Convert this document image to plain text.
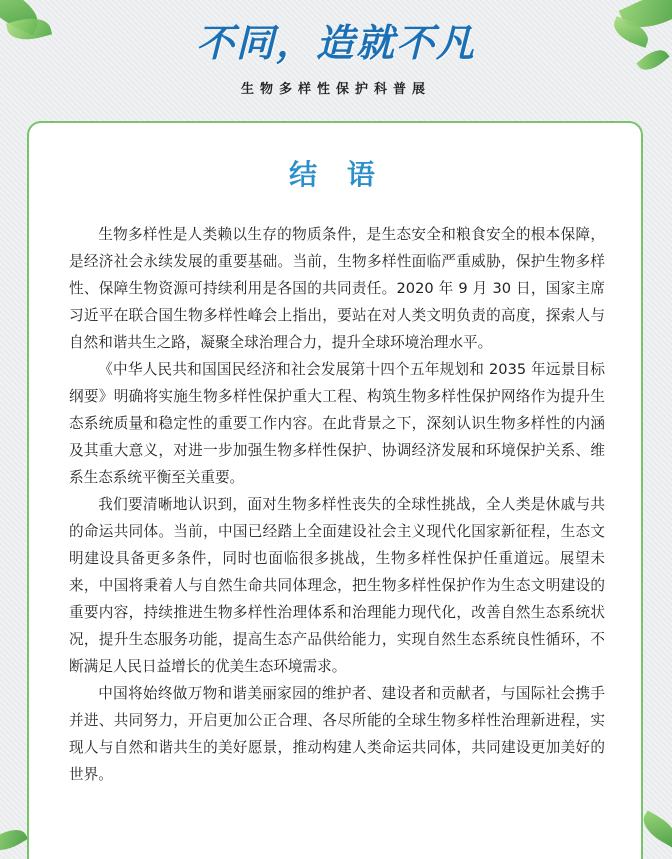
不同，造就不凡
生物多样性保护科普展
结 语

生物多样性是人类赖以生存的物质条件，是生态安全和粮食安全的根本保障，是经济社会永续发展的重要基础。当前，生物多样性面临严重威胁，保护生物多样性、保障生物资源可持续利用是各国的共同责任。2020 年 9 月 30 日，国家主席习近平在联合国生物多样性峰会上指出，要站在对人类文明负责的高度，探索人与自然和谐共生之路，凝聚全球治理合力，提升全球环境治理水平。

《中华人民共和国国民经济和社会发展第十四个五年规划和 2035 年远景目标纲要》明确将实施生物多样性保护重大工程、构筑生物多样性保护网络作为提升生态系统质量和稳定性的重要工作内容。在此背景之下，深刻认识生物多样性的内涵及其重大意义，对进一步加强生物多样性保护、协调经济发展和环境保护关系、维系生态系统平衡至关重要。

我们要清晰地认识到，面对生物多样性丧失的全球性挑战，全人类是休戚与共的命运共同体。当前，中国已经踏上全面建设社会主义现代化国家新征程，生态文明建设具备更多条件，同时也面临很多挑战，生物多样性保护任重道远。展望未来，中国将秉着人与自然生命共同体理念，把生物多样性保护作为生态文明建设的重要内容，持续推进生物多样性治理体系和治理能力现代化，改善自然生态系统状况，提升生态服务功能，提高生态产品供给能力，实现自然生态系统良性循环，不断满足人民日益增长的优美生态环境需求。

中国将始终做万物和谐美丽家园的维护者、建设者和贡献者，与国际社会携手并进、共同努力，开启更加公正合理、各尽所能的全球生物多样性治理新进程，实现人与自然和谐共生的美好愿景，推动构建人类命运共同体，共同建设更加美好的世界。
